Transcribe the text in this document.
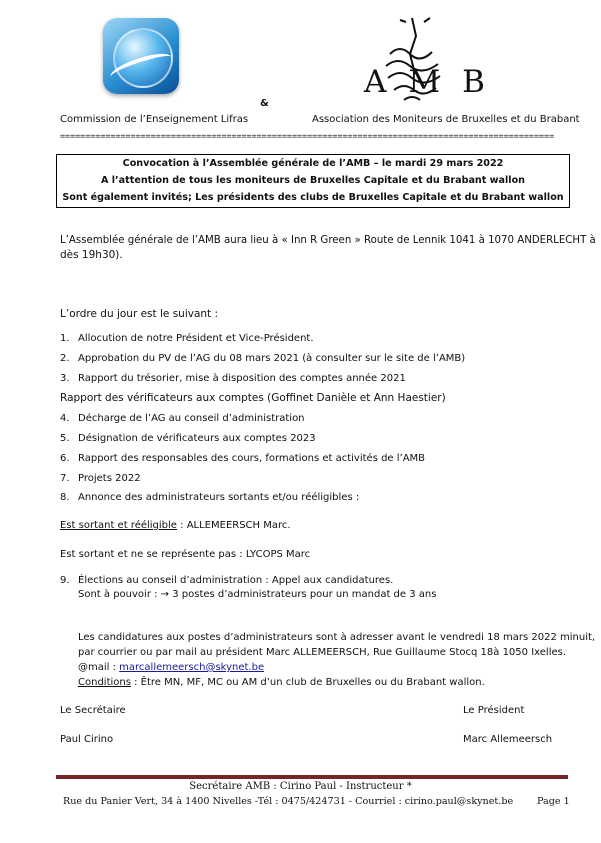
AMB
&
Commission de l’Enseignement Lifras	Association des Moniteurs de Bruxelles et du Brabant
==================================================================================================
Convocation à l’Assemblée générale de l’AMB – le mardi 29 mars 2022
A l’attention de tous les moniteurs de Bruxelles Capitale et du Brabant wallon
Sont également invités; Les présidents des clubs de Bruxelles Capitale et du Brabant wallon
L’Assemblée générale de l’AMB aura lieu à « Inn R Green » Route de Lennik 1041 à 1070 ANDERLECHT à
dès 19h30).
L’ordre du jour est le suivant :
1. Allocution de notre Président et Vice-Président.
2. Approbation du PV de l’AG du 08 mars 2021 (à consulter sur le site de l’AMB)
3. Rapport du trésorier, mise à disposition des comptes année 2021
Rapport des vérificateurs aux comptes (Goffinet Danièle et Ann Haestier)
4. Décharge de l’AG au conseil d’administration
5. Désignation de vérificateurs aux comptes 2023
6. Rapport des responsables des cours, formations et activités de l’AMB
7. Projets 2022
8. Annonce des administrateurs sortants et/ou rééligibles :
Est sortant et rééligible : ALLEMEERSCH Marc.
Est sortant et ne se représente pas : LYCOPS Marc
9. Élections au conseil d’administration : Appel aux candidatures.
Sont à pouvoir : → 3 postes d’administrateurs pour un mandat de 3 ans
Les candidatures aux postes d’administrateurs sont à adresser avant le vendredi 18 mars 2022 minuit,
par courrier ou par mail au président Marc ALLEMEERSCH, Rue Guillaume Stocq 18à 1050 Ixelles.
@mail : marcallemeersch@skynet.be
Conditions : Être MN, MF, MC ou AM d’un club de Bruxelles ou du Brabant wallon.
Le Secrétaire	Le Président
Paul Cirino	Marc Allemeersch
Secrétaire AMB : Cirino Paul - Instructeur *
Rue du Panier Vert, 34 à 1400 Nivelles -Tél : 0475/424731 - Courriel : cirino.paul@skynet.be Page 1
